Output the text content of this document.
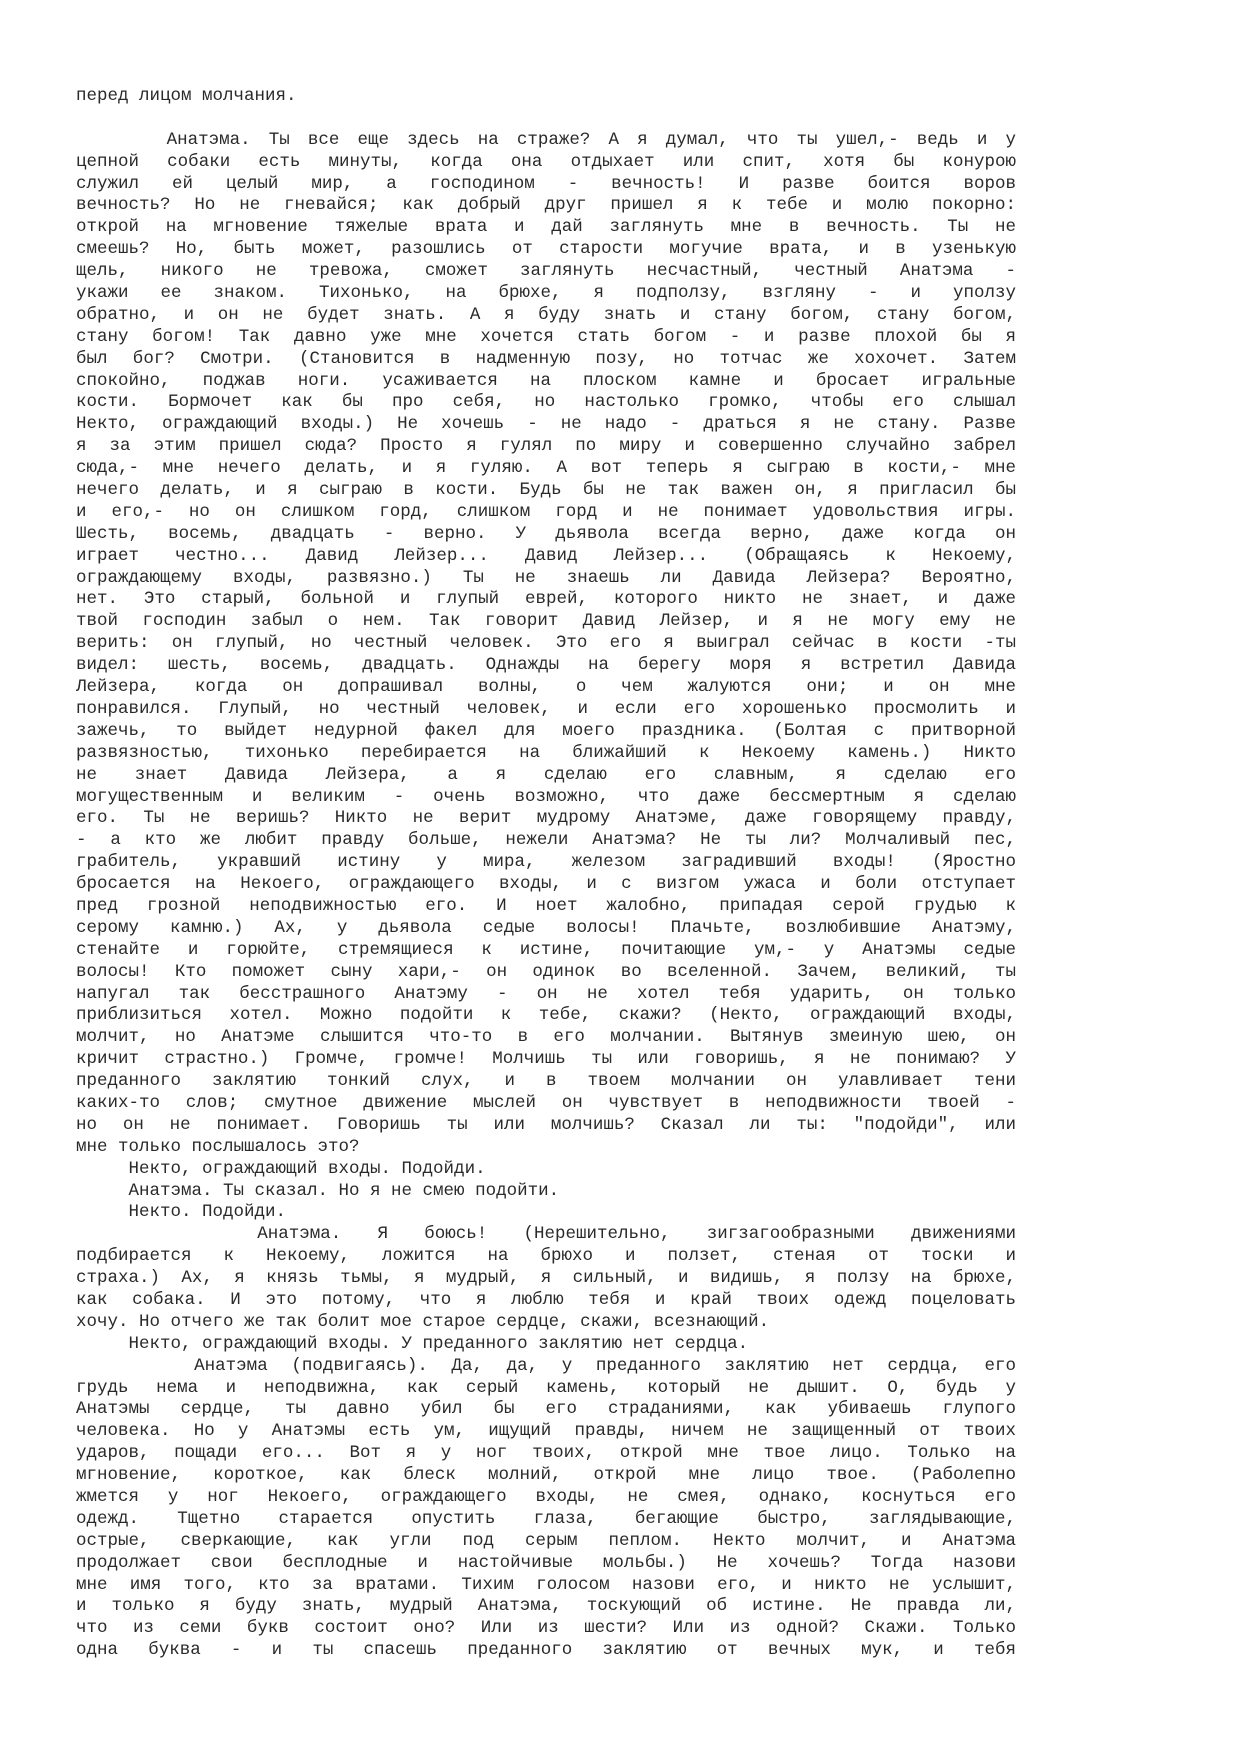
перед лицом молчания.
Анатэма. Ты все еще здесь на страже? А я думал, что ты ушел,- ведь и у
цепной собаки есть минуты, когда она отдыхает или спит, хотя бы конурою
служил ей целый мир, а господином - вечность! И разве боится воров
вечность? Но не гневайся; как добрый друг пришел я к тебе и молю покорно:
открой на мгновение тяжелые врата и дай заглянуть мне в вечность. Ты не
смеешь? Но, быть может, разошлись от старости могучие врата, и в узенькую
щель, никого не тревожа, сможет заглянуть несчастный, честный Анатэма -
укажи ее знаком. Тихонько, на брюхе, я подползу, взгляну - и уползу
обратно, и он не будет знать. А я буду знать и стану богом, стану богом,
стану богом! Так давно уже мне хочется стать богом - и разве плохой бы я
был бог? Смотри. (Становится в надменную позу, но тотчас же хохочет. Затем
спокойно, поджав ноги. усаживается на плоском камне и бросает игральные
кости. Бормочет как бы про себя, но настолько громко, чтобы его слышал
Некто, ограждающий входы.) Не хочешь - не надо - драться я не стану. Разве
я за этим пришел сюда? Просто я гулял по миру и совершенно случайно забрел
сюда,- мне нечего делать, и я гуляю. А вот теперь я сыграю в кости,- мне
нечего делать, и я сыграю в кости. Будь бы не так важен он, я пригласил бы
и его,- но он слишком горд, слишком горд и не понимает удовольствия игры.
Шесть, восемь, двадцать - верно. У дьявола всегда верно, даже когда он
играет честно... Давид Лейзер... Давид Лейзер... (Обращаясь к Некоему,
ограждающему входы, развязно.) Ты не знаешь ли Давида Лейзера? Вероятно,
нет. Это старый, больной и глупый еврей, которого никто не знает, и даже
твой господин забыл о нем. Так говорит Давид Лейзер, и я не могу ему не
верить: он глупый, но честный человек. Это его я выиграл сейчас в кости -ты
видел: шесть, восемь, двадцать. Однажды на берегу моря я встретил Давида
Лейзера, когда он допрашивал волны, о чем жалуются они; и он мне
понравился. Глупый, но честный человек, и если его хорошенько просмолить и
зажечь, то выйдет недурной факел для моего праздника. (Болтая с притворной
развязностью, тихонько перебирается на ближайший к Некоему камень.) Никто
не знает Давида Лейзера, а я сделаю его славным, я сделаю его
могущественным и великим - очень возможно, что даже бессмертным я сделаю
его. Ты не веришь? Никто не верит мудрому Анатэме, даже говорящему правду,
- а кто же любит правду больше, нежели Анатэма? Не ты ли? Молчаливый пес,
грабитель, укравший истину у мира, железом заградивший входы! (Яростно
бросается на Некоего, ограждающего входы, и с визгом ужаса и боли отступает
пред грозной неподвижностью его. И ноет жалобно, припадая серой грудью к
серому камню.) Ах, у дьявола седые волосы! Плачьте, возлюбившие Анатэму,
стенайте и горюйте, стремящиеся к истине, почитающие ум,- у Анатэмы седые
волосы! Кто поможет сыну хари,- он одинок во вселенной. Зачем, великий, ты
напугал так бесстрашного Анатэму - он не хотел тебя ударить, он только
приблизиться хотел. Можно подойти к тебе, скажи? (Некто, ограждающий входы,
молчит, но Анатэме слышится что-то в его молчании. Вытянув змеиную шею, он
кричит страстно.) Громче, громче! Молчишь ты или говоришь, я не понимаю? У
преданного заклятию тонкий слух, и в твоем молчании он улавливает тени
каких-то слов; смутное движение мыслей он чувствует в неподвижности твоей -
но он не понимает. Говоришь ты или молчишь? Сказал ли ты: "подойди", или
мне только послышалось это?
Некто, ограждающий входы. Подойди.
Анатэма. Ты сказал. Но я не смею подойти.
Некто. Подойди.
Анатэма. Я боюсь! (Нерешительно, зигзагообразными движениями
подбирается к Некоему, ложится на брюхо и ползет, стеная от тоски и
страха.) Ах, я князь тьмы, я мудрый, я сильный, и видишь, я ползу на брюхе,
как собака. И это потому, что я люблю тебя и край твоих одежд поцеловать
хочу. Но отчего же так болит мое старое сердце, скажи, всезнающий.
Некто, ограждающий входы. У преданного заклятию нет сердца.
Анатэма (подвигаясь). Да, да, у преданного заклятию нет сердца, его
грудь нема и неподвижна, как серый камень, который не дышит. О, будь у
Анатэмы сердце, ты давно убил бы его страданиями, как убиваешь глупого
человека. Но у Анатэмы есть ум, ищущий правды, ничем не защищенный от твоих
ударов, пощади его... Вот я у ног твоих, открой мне твое лицо. Только на
мгновение, короткое, как блеск молний, открой мне лицо твое. (Раболепно
жмется у ног Некоего, ограждающего входы, не смея, однако, коснуться его
одежд. Тщетно старается опустить глаза, бегающие быстро, заглядывающие,
острые, сверкающие, как угли под серым пеплом. Некто молчит, и Анатэма
продолжает свои бесплодные и настойчивые мольбы.) Не хочешь? Тогда назови
мне имя того, кто за вратами. Тихим голосом назови его, и никто не услышит,
и только я буду знать, мудрый Анатэма, тоскующий об истине. Не правда ли,
что из семи букв состоит оно? Или из шести? Или из одной? Скажи. Только
одна буква - и ты спасешь преданного заклятию от вечных мук, и тебя
